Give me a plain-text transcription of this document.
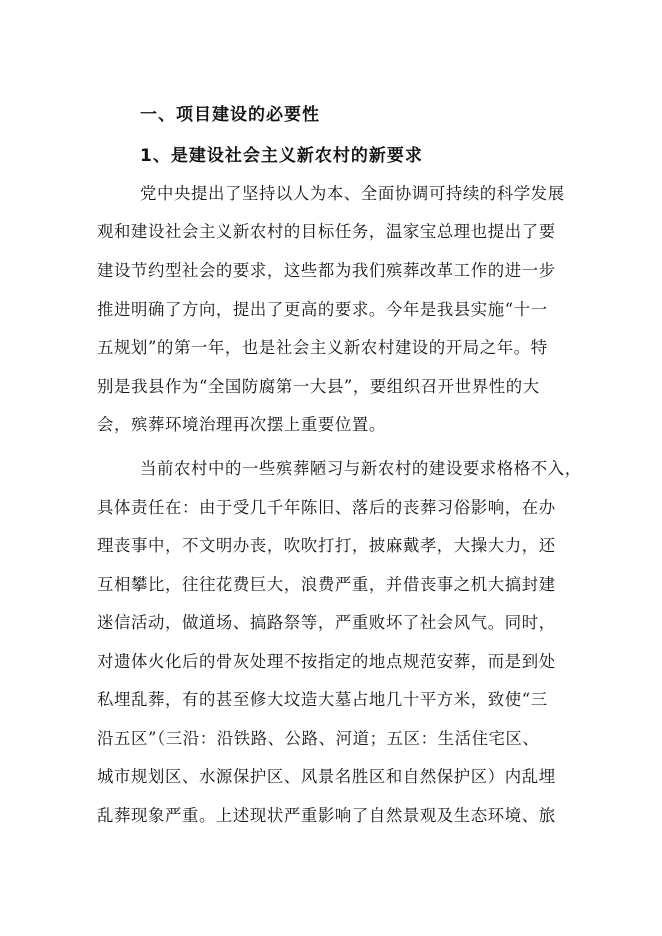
一、项目建设的必要性
1、是建设社会主义新农村的新要求
党中央提出了坚持以人为本、全面协调可持续的科学发展
观和建设社会主义新农村的目标任务，温家宝总理也提出了要
建设节约型社会的要求，这些都为我们殡葬改革工作的进一步
推进明确了方向，提出了更高的要求。今年是我县实施“十一
五规划”的第一年，也是社会主义新农村建设的开局之年。特
别是我县作为“全国防腐第一大县”，要组织召开世界性的大
会，殡葬环境治理再次摆上重要位置。
当前农村中的一些殡葬陋习与新农村的建设要求格格不入，
具体责任在：由于受几千年陈旧、落后的丧葬习俗影响，在办
理丧事中，不文明办丧，吹吹打打，披麻戴孝，大操大力，还
互相攀比，往往花费巨大，浪费严重，并借丧事之机大搞封建
迷信活动，做道场、搞路祭等，严重败坏了社会风气。同时，
对遗体火化后的骨灰处理不按指定的地点规范安葬，而是到处
私埋乱葬，有的甚至修大坟造大墓占地几十平方米，致使“三
沿五区”（三沿：沿铁路、公路、河道；五区：生活住宅区、
城市规划区、水源保护区、风景名胜区和自然保护区）内乱埋
乱葬现象严重。上述现状严重影响了自然景观及生态环境、旅
